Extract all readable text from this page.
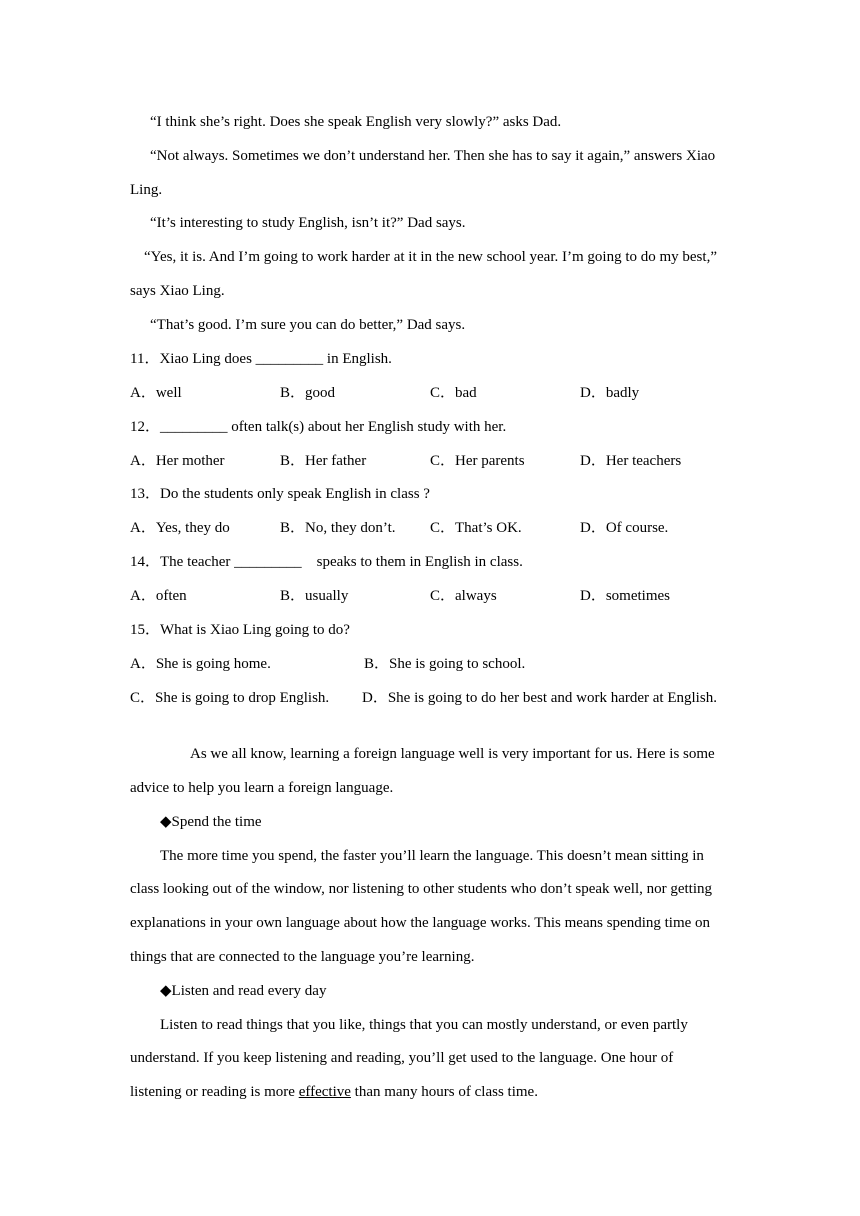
“I think she’s right. Does she speak English very slowly?” asks Dad.
“Not always. Sometimes we don’t understand her. Then she has to say it again,” answers Xiao
Ling.
“It’s interesting to study English, isn’t it?” Dad says.
“Yes, it is. And I’m going to work harder at it in the new school year. I’m going to do my best,”
says Xiao Ling.
“That’s good. I’m sure you can do better,” Dad says.
11．Xiao Ling does _________ in English.
A．well	B．good	C．bad	D．badly
12．_________ often talk(s) about her English study with her.
A．Her mother	B．Her father	C．Her parents	D．Her teachers
13．Do the students only speak English in class ?
A．Yes, they do	B．No, they don’t. C．That’s OK.	D．Of course.
14．The teacher _________    speaks to them in English in class.
A．often	B．usually	C．always	D．sometimes
15．What is Xiao Ling going to do?
A．She is going home.	B．She is going to school.
C．She is going to drop English. D．She is going to do her best and work harder at English.
As we all know, learning a foreign language well is very important for us. Here is some
advice to help you learn a foreign language.
◆Spend the time
The more time you spend, the faster you’ll learn the language. This doesn’t mean sitting in
class looking out of the window, nor listening to other students who don’t speak well, nor getting
explanations in your own language about how the language works. This means spending time on
things that are connected to the language you’re learning.
◆Listen and read every day
Listen to read things that you like, things that you can mostly understand, or even partly
understand. If you keep listening and reading, you’ll get used to the language. One hour of
listening or reading is more effective than many hours of class time.
